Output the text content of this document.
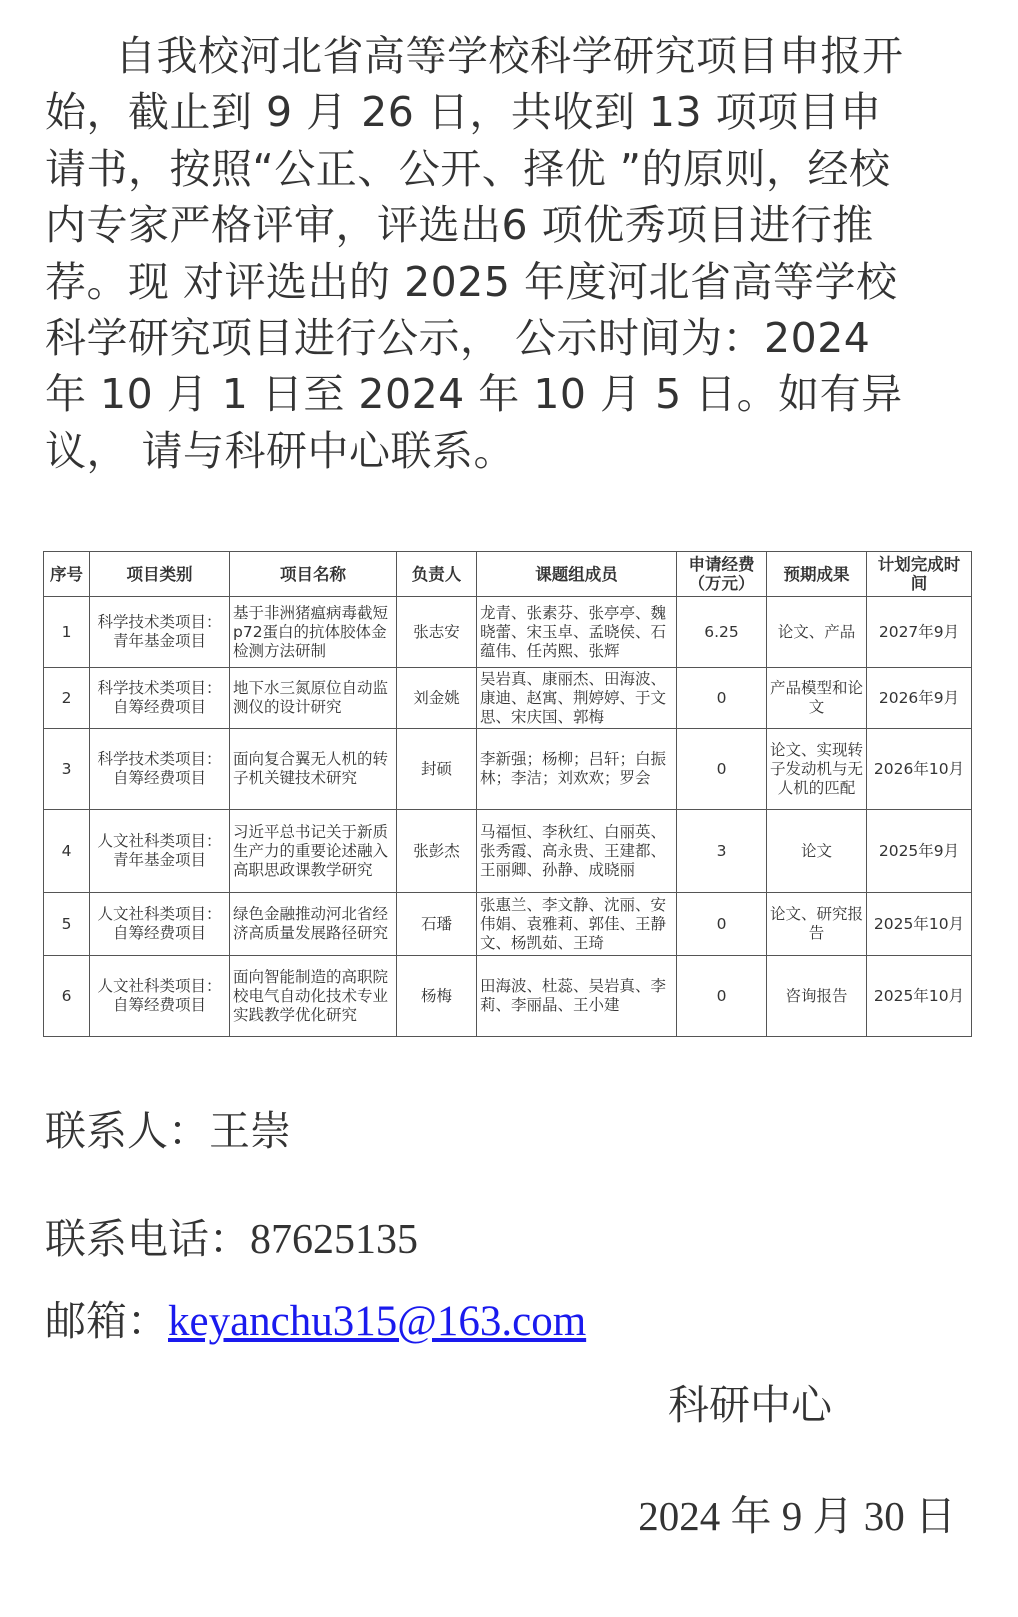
自我校河北省高等学校科学研究项目申报开始，截止到 9 月 26 日，共收到 13 项项目申请书，按照“公正、公开、择优 ”的原则，经校内专家严格评审，评选出6 项优秀项目进行推荐。现 对评选出的 2025 年度河北省高等学校科学研究项目进行公示， 公示时间为：2024 年 10 月 1 日至 2024 年 10 月 5 日。如有异议， 请与科研中心联系。

序号	项目类别	项目名称	负责人	课题组成员	申请经费（万元）	预期成果	计划完成时间
1	科学技术类项目：青年基金项目	基于非洲猪瘟病毒截短p72蛋白的抗体胶体金检测方法研制	张志安	龙青、张素芬、张亭亭、魏晓蕾、宋玉卓、孟晓侯、石蕴伟、任芮熙、张辉	6.25	论文、产品	2027年9月
2	科学技术类项目：自筹经费项目	地下水三氮原位自动监测仪的设计研究	刘金姚	吴岩真、康丽杰、田海波、康迪、赵寓、荆婷婷、于文思、宋庆国、郭梅	0	产品模型和论文	2026年9月
3	科学技术类项目：自筹经费项目	面向复合翼无人机的转子机关键技术研究	封硕	李新强；杨柳；吕轩；白振林；李洁；刘欢欢；罗会	0	论文、实现转子发动机与无人机的匹配	2026年10月
4	人文社科类项目：青年基金项目	习近平总书记关于新质生产力的重要论述融入高职思政课教学研究	张彭杰	马福恒、李秋红、白丽英、张秀霞、高永贵、王建都、王丽卿、孙静、成晓丽	3	论文	2025年9月
5	人文社科类项目：自筹经费项目	绿色金融推动河北省经济高质量发展路径研究	石璠	张惠兰、李文静、沈丽、安伟娟、袁雅莉、郭佳、王静文、杨凯茹、王琦	0	论文、研究报告	2025年10月
6	人文社科类项目：自筹经费项目	面向智能制造的高职院校电气自动化技术专业实践教学优化研究	杨梅	田海波、杜蕊、吴岩真、李莉、李丽晶、王小建	0	咨询报告	2025年10月

联系人：王崇

联系电话：87625135

邮箱：keyanchu315@163.com

科研中心

2024 年 9 月 30 日
